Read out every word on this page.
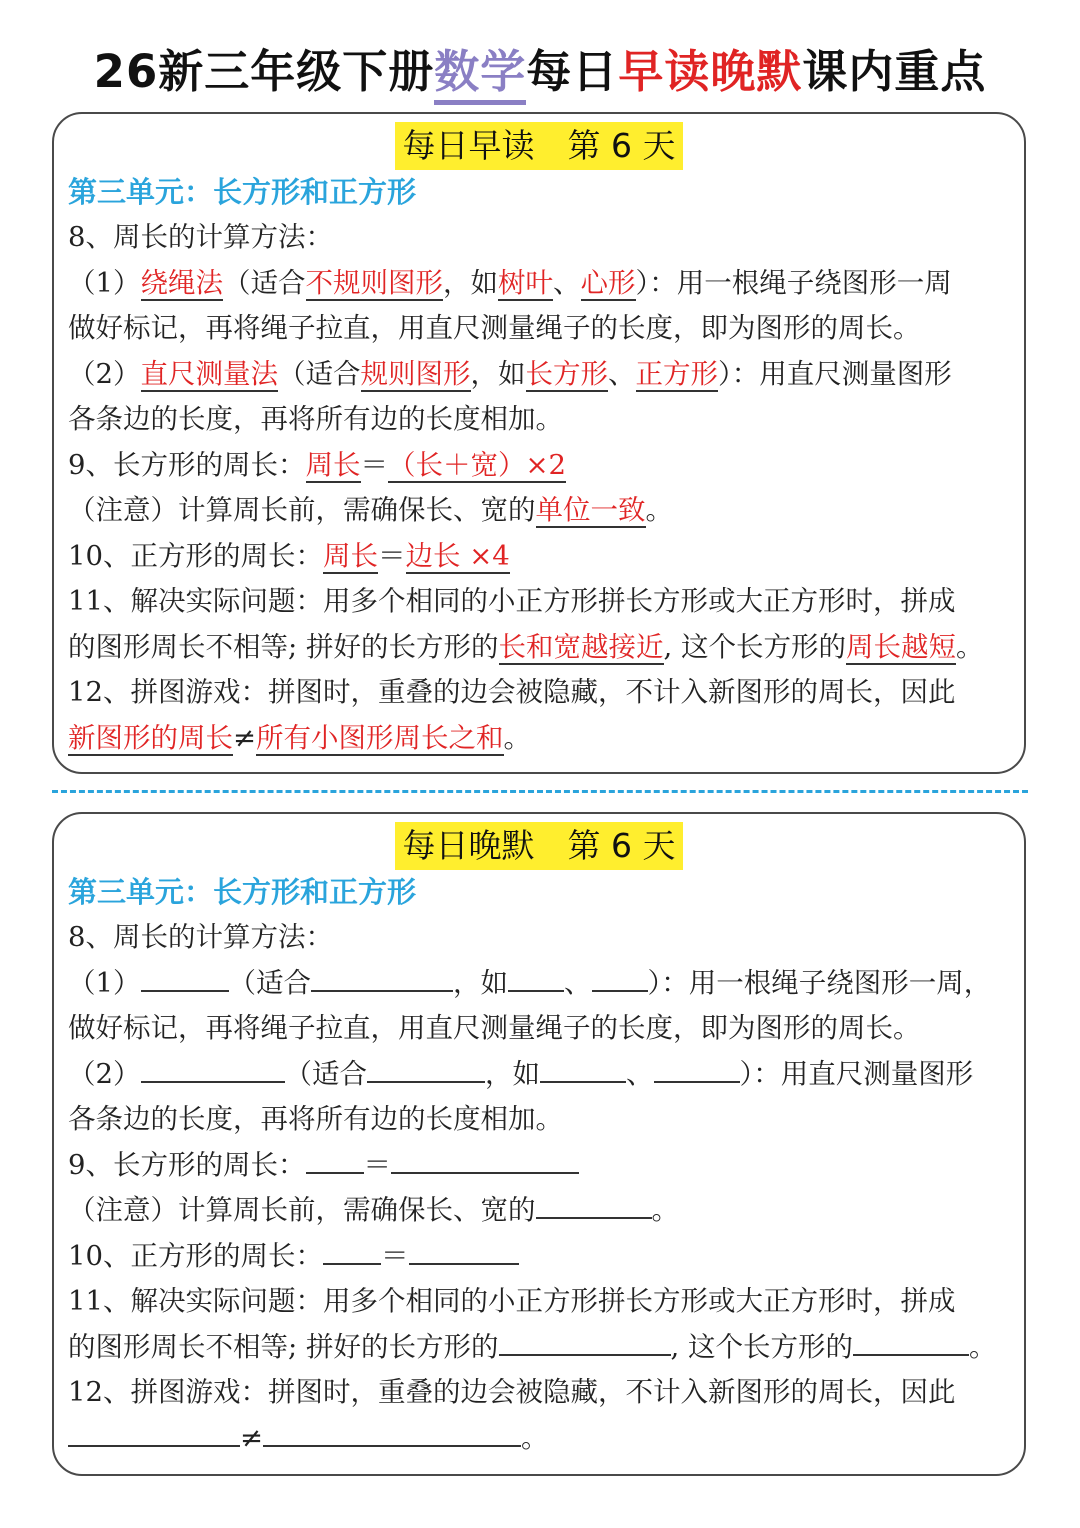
26新三年级下册数学每日早读晚默课内重点
每日早读　第 6 天
第三单元：长方形和正方形
8、周长的计算方法：
（1）绕绳法（适合不规则图形，如树叶、心形）：用一根绳子绕图形一周
做好标记，再将绳子拉直，用直尺测量绳子的长度，即为图形的周长。
（2）直尺测量法（适合规则图形，如长方形、正方形）：用直尺测量图形
各条边的长度，再将所有边的长度相加。
9、长方形的周长：周长＝（长＋宽）×2
（注意）计算周长前，需确保长、宽的单位一致。
10、正方形的周长：周长＝边长 ×4
11、解决实际问题：用多个相同的小正方形拼长方形或大正方形时，拼成
的图形周长不相等; 拼好的长方形的长和宽越接近, 这个长方形的周长越短。
12、拼图游戏：拼图时，重叠的边会被隐藏，不计入新图形的周长，因此
新图形的周长≠所有小图形周长之和。
每日晚默　第 6 天
第三单元：长方形和正方形
8、周长的计算方法：
（1）	（适合	，如 、 ）：用一根绳子绕图形一周，
做好标记，再将绳子拉直，用直尺测量绳子的长度，即为图形的周长。
（2）	（适合	，如	、	）：用直尺测量图形
各条边的长度，再将所有边的长度相加。
9、长方形的周长： ＝
（注意）计算周长前，需确保长、宽的	。
10、正方形的周长： ＝
11、解决实际问题：用多个相同的小正方形拼长方形或大正方形时，拼成
的图形周长不相等; 拼好的长方形的	, 这个长方形的	。
12、拼图游戏：拼图时，重叠的边会被隐藏，不计入新图形的周长，因此
≠	。
